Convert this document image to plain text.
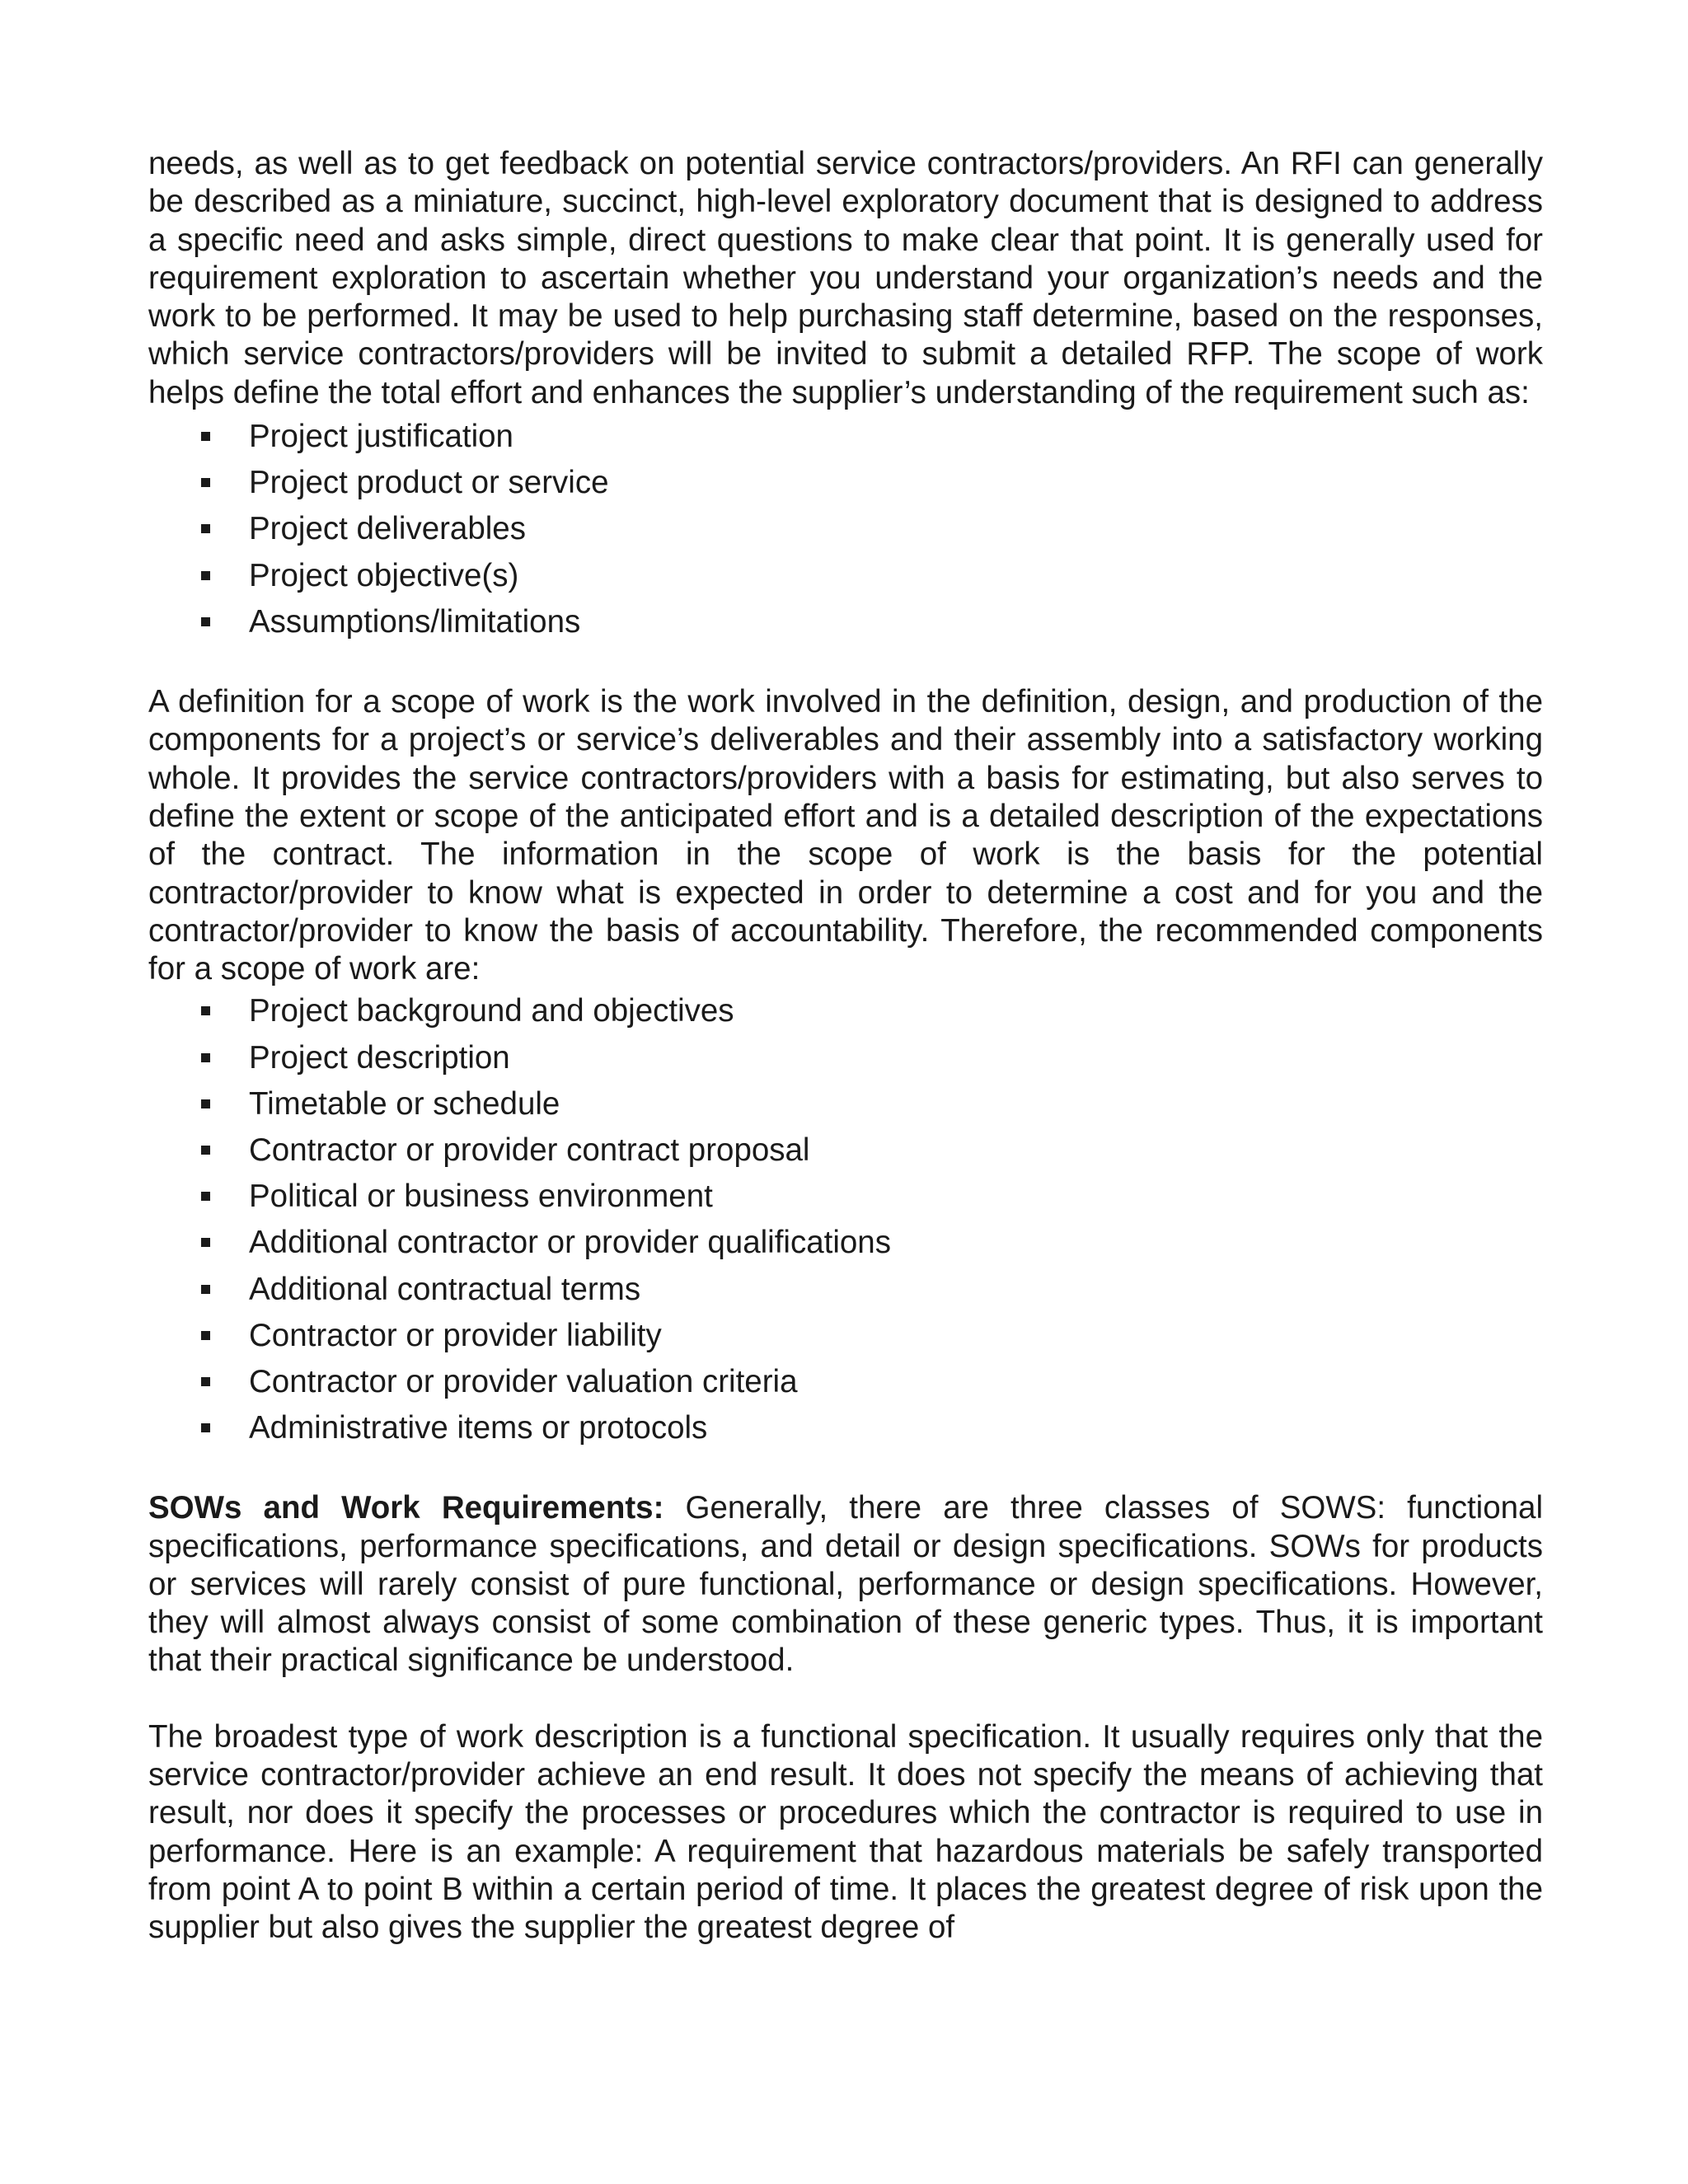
needs, as well as to get feedback on potential service contractors/providers. An RFI can generally be described as a miniature, succinct, high-level exploratory document that is designed to address a specific need and asks simple, direct questions to make clear that point. It is generally used for requirement exploration to ascertain whether you understand your organization’s needs and the work to be performed. It may be used to help purchasing staff determine, based on the responses, which service contractors/providers will be invited to submit a detailed RFP. The scope of work helps define the total effort and enhances the supplier’s understanding of the requirement such as:

Project justification
Project product or service
Project deliverables
Project objective(s)
Assumptions/limitations

A definition for a scope of work is the work involved in the definition, design, and production of the components for a project’s or service’s deliverables and their assembly into a satisfactory working whole. It provides the service contractors/providers with a basis for estimating, but also serves to define the extent or scope of the anticipated effort and is a detailed description of the expectations of the contract. The information in the scope of work is the basis for the potential contractor/provider to know what is expected in order to determine a cost and for you and the contractor/provider to know the basis of accountability. Therefore, the recommended components for a scope of work are:

Project background and objectives
Project description
Timetable or schedule
Contractor or provider contract proposal
Political or business environment
Additional contractor or provider qualifications
Additional contractual terms
Contractor or provider liability
Contractor or provider valuation criteria
Administrative items or protocols

SOWs and Work Requirements: Generally, there are three classes of SOWS: functional specifications, performance specifications, and detail or design specifications. SOWs for products or services will rarely consist of pure functional, performance or design specifications. However, they will almost always consist of some combination of these generic types. Thus, it is important that their practical significance be understood.

The broadest type of work description is a functional specification. It usually requires only that the service contractor/provider achieve an end result. It does not specify the means of achieving that result, nor does it specify the processes or procedures which the contractor is required to use in performance. Here is an example: A requirement that hazardous materials be safely transported from point A to point B within a certain period of time. It places the greatest degree of risk upon the supplier but also gives the supplier the greatest degree of
